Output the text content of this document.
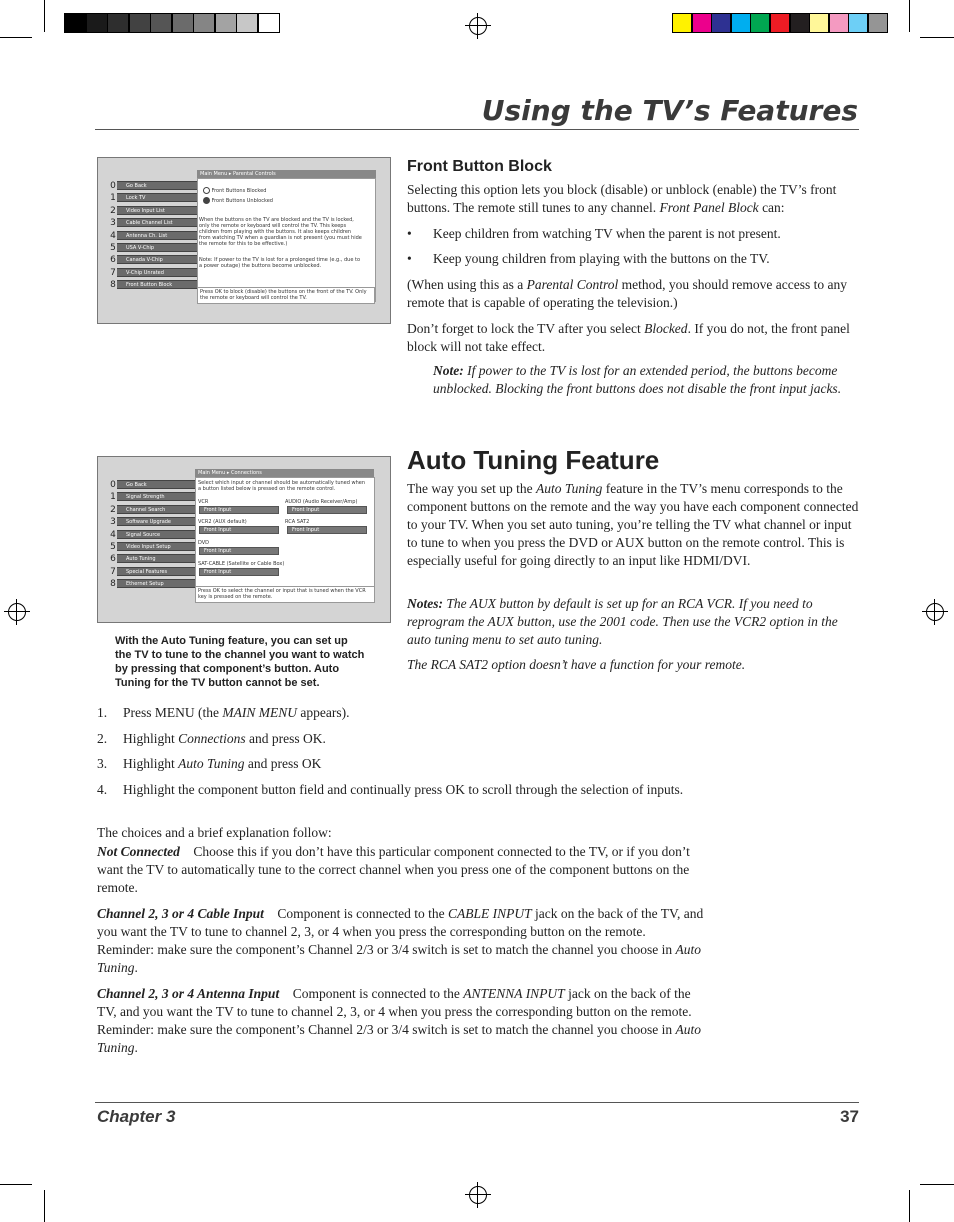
Using the TV’s Features
0 Go Back
1 Lock TV
2 Video Input List
3 Cable Channel List
4 Antenna Ch. List
5 USA V-Chip
6 Canada V-Chip
7 V-Chip Unrated
8 Front Button Block
Main Menu ▸ Parental Controls
Front Buttons Blocked
Front Buttons Unblocked
When the buttons on the TV are blocked and the TV is locked, only the remote or keyboard will control the TV. This keeps children from playing with the buttons. It also keeps children from watching TV when a guardian is not present (you must hide the remote for this to be effective.)
Note: If power to the TV is lost for a prolonged time (e.g., due to a power outage) the buttons become unblocked.
Press OK to block (disable) the buttons on the front of the TV. Only the remote or keyboard will control the TV.
Front Button Block

Selecting this option lets you block (disable) or unblock (enable) the TV’s front buttons. The remote still tunes to any channel. Front Panel Block can:

• Keep children from watching TV when the parent is not present.
• Keep young children from playing with the buttons on the TV.

(When using this as a Parental Control method, you should remove access to any remote that is capable of operating the television.)

Don’t forget to lock the TV after you select Blocked. If you do not, the front panel block will not take effect.

Note: If power to the TV is lost for an extended period, the buttons become unblocked. Blocking the front buttons does not disable the front input jacks.
0 Go Back
1 Signal Strength
2 Channel Search
3 Software Upgrade
4 Signal Source
5 Video Input Setup
6 Auto Tuning
7 Special Features
8 Ethernet Setup
Main Menu ▸ Connections
Select which input or channel should be automatically tuned when a button listed below is pressed on the remote control.
VCR
Front Input
AUDIO (Audio Receiver/Amp)
Front Input
VCR2 (AUX default)
Front Input
RCA SAT2
Front Input
DVD
Front Input
SAT-CABLE (Satellite or Cable Box)
Front Input
Press OK to select the channel or input that is tuned when the VCR key is pressed on the remote.
With the Auto Tuning feature, you can set up the TV to tune to the channel you want to watch by pressing that component’s button. Auto Tuning for the TV button cannot be set.
Auto Tuning Feature

The way you set up the Auto Tuning feature in the TV’s menu corresponds to the component buttons on the remote and the way you have each component connected to your TV. When you set auto tuning, you’re telling the TV what channel or input to tune to when you press the DVD or AUX button on the remote control. This is especially useful for going directly to an input like HDMI/DVI.

Notes: The AUX button by default is set up for an RCA VCR. If you need to reprogram the AUX button, use the 2001 code. Then use the VCR2 option in the auto tuning menu to set auto tuning.
The RCA SAT2 option doesn’t have a function for your remote.
1. Press MENU (the MAIN MENU appears).
2. Highlight Connections and press OK.
3. Highlight Auto Tuning and press OK
4. Highlight the component button field and continually press OK to scroll through the selection of inputs.

The choices and a brief explanation follow:

Not Connected Choose this if you don’t have this particular component connected to the TV, or if you don’t want the TV to automatically tune to the correct channel when you press one of the component buttons on the remote.

Channel 2, 3 or 4 Cable Input Component is connected to the CABLE INPUT jack on the back of the TV, and you want the TV to tune to channel 2, 3, or 4 when you press the corresponding button on the remote. Reminder: make sure the component’s Channel 2/3 or 3/4 switch is set to match the channel you choose in Auto Tuning.

Channel 2, 3 or 4 Antenna Input Component is connected to the ANTENNA INPUT jack on the back of the TV, and you want the TV to tune to channel 2, 3, or 4 when you press the corresponding button on the remote. Reminder: make sure the component’s Channel 2/3 or 3/4 switch is set to match the channel you choose in Auto Tuning.

Chapter 3	37
